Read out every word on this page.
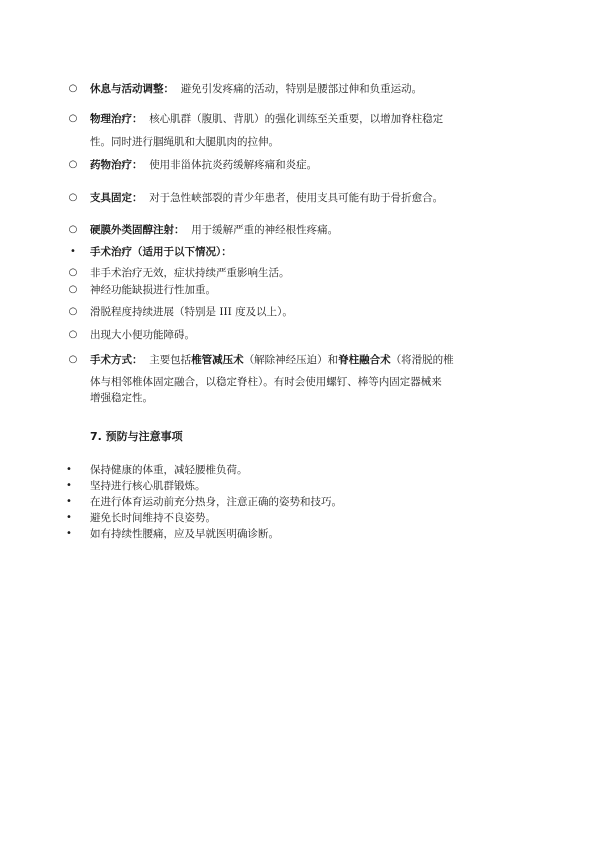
○ 休息与活动调整： 避免引发疼痛的活动，特别是腰部过伸和负重运动。
○ 物理治疗： 核心肌群（腹肌、背肌）的强化训练至关重要，以增加脊柱稳定
性。同时进行腘绳肌和大腿肌肉的拉伸。
○ 药物治疗： 使用非甾体抗炎药缓解疼痛和炎症。
○ 支具固定： 对于急性峡部裂的青少年患者，使用支具可能有助于骨折愈合。
○ 硬膜外类固醇注射： 用于缓解严重的神经根性疼痛。
• 手术治疗（适用于以下情况）：
○ 非手术治疗无效，症状持续严重影响生活。
○ 神经功能缺损进行性加重。
○ 滑脱程度持续进展（特别是 III 度及以上）。
○ 出现大小便功能障碍。
○ 手术方式： 主要包括椎管减压术（解除神经压迫）和脊柱融合术（将滑脱的椎
体与相邻椎体固定融合，以稳定脊柱）。有时会使用螺钉、棒等内固定器械来
增强稳定性。
7. 预防与注意事项
• 保持健康的体重，减轻腰椎负荷。
• 坚持进行核心肌群锻炼。
• 在进行体育运动前充分热身，注意正确的姿势和技巧。
• 避免长时间维持不良姿势。
• 如有持续性腰痛，应及早就医明确诊断。
